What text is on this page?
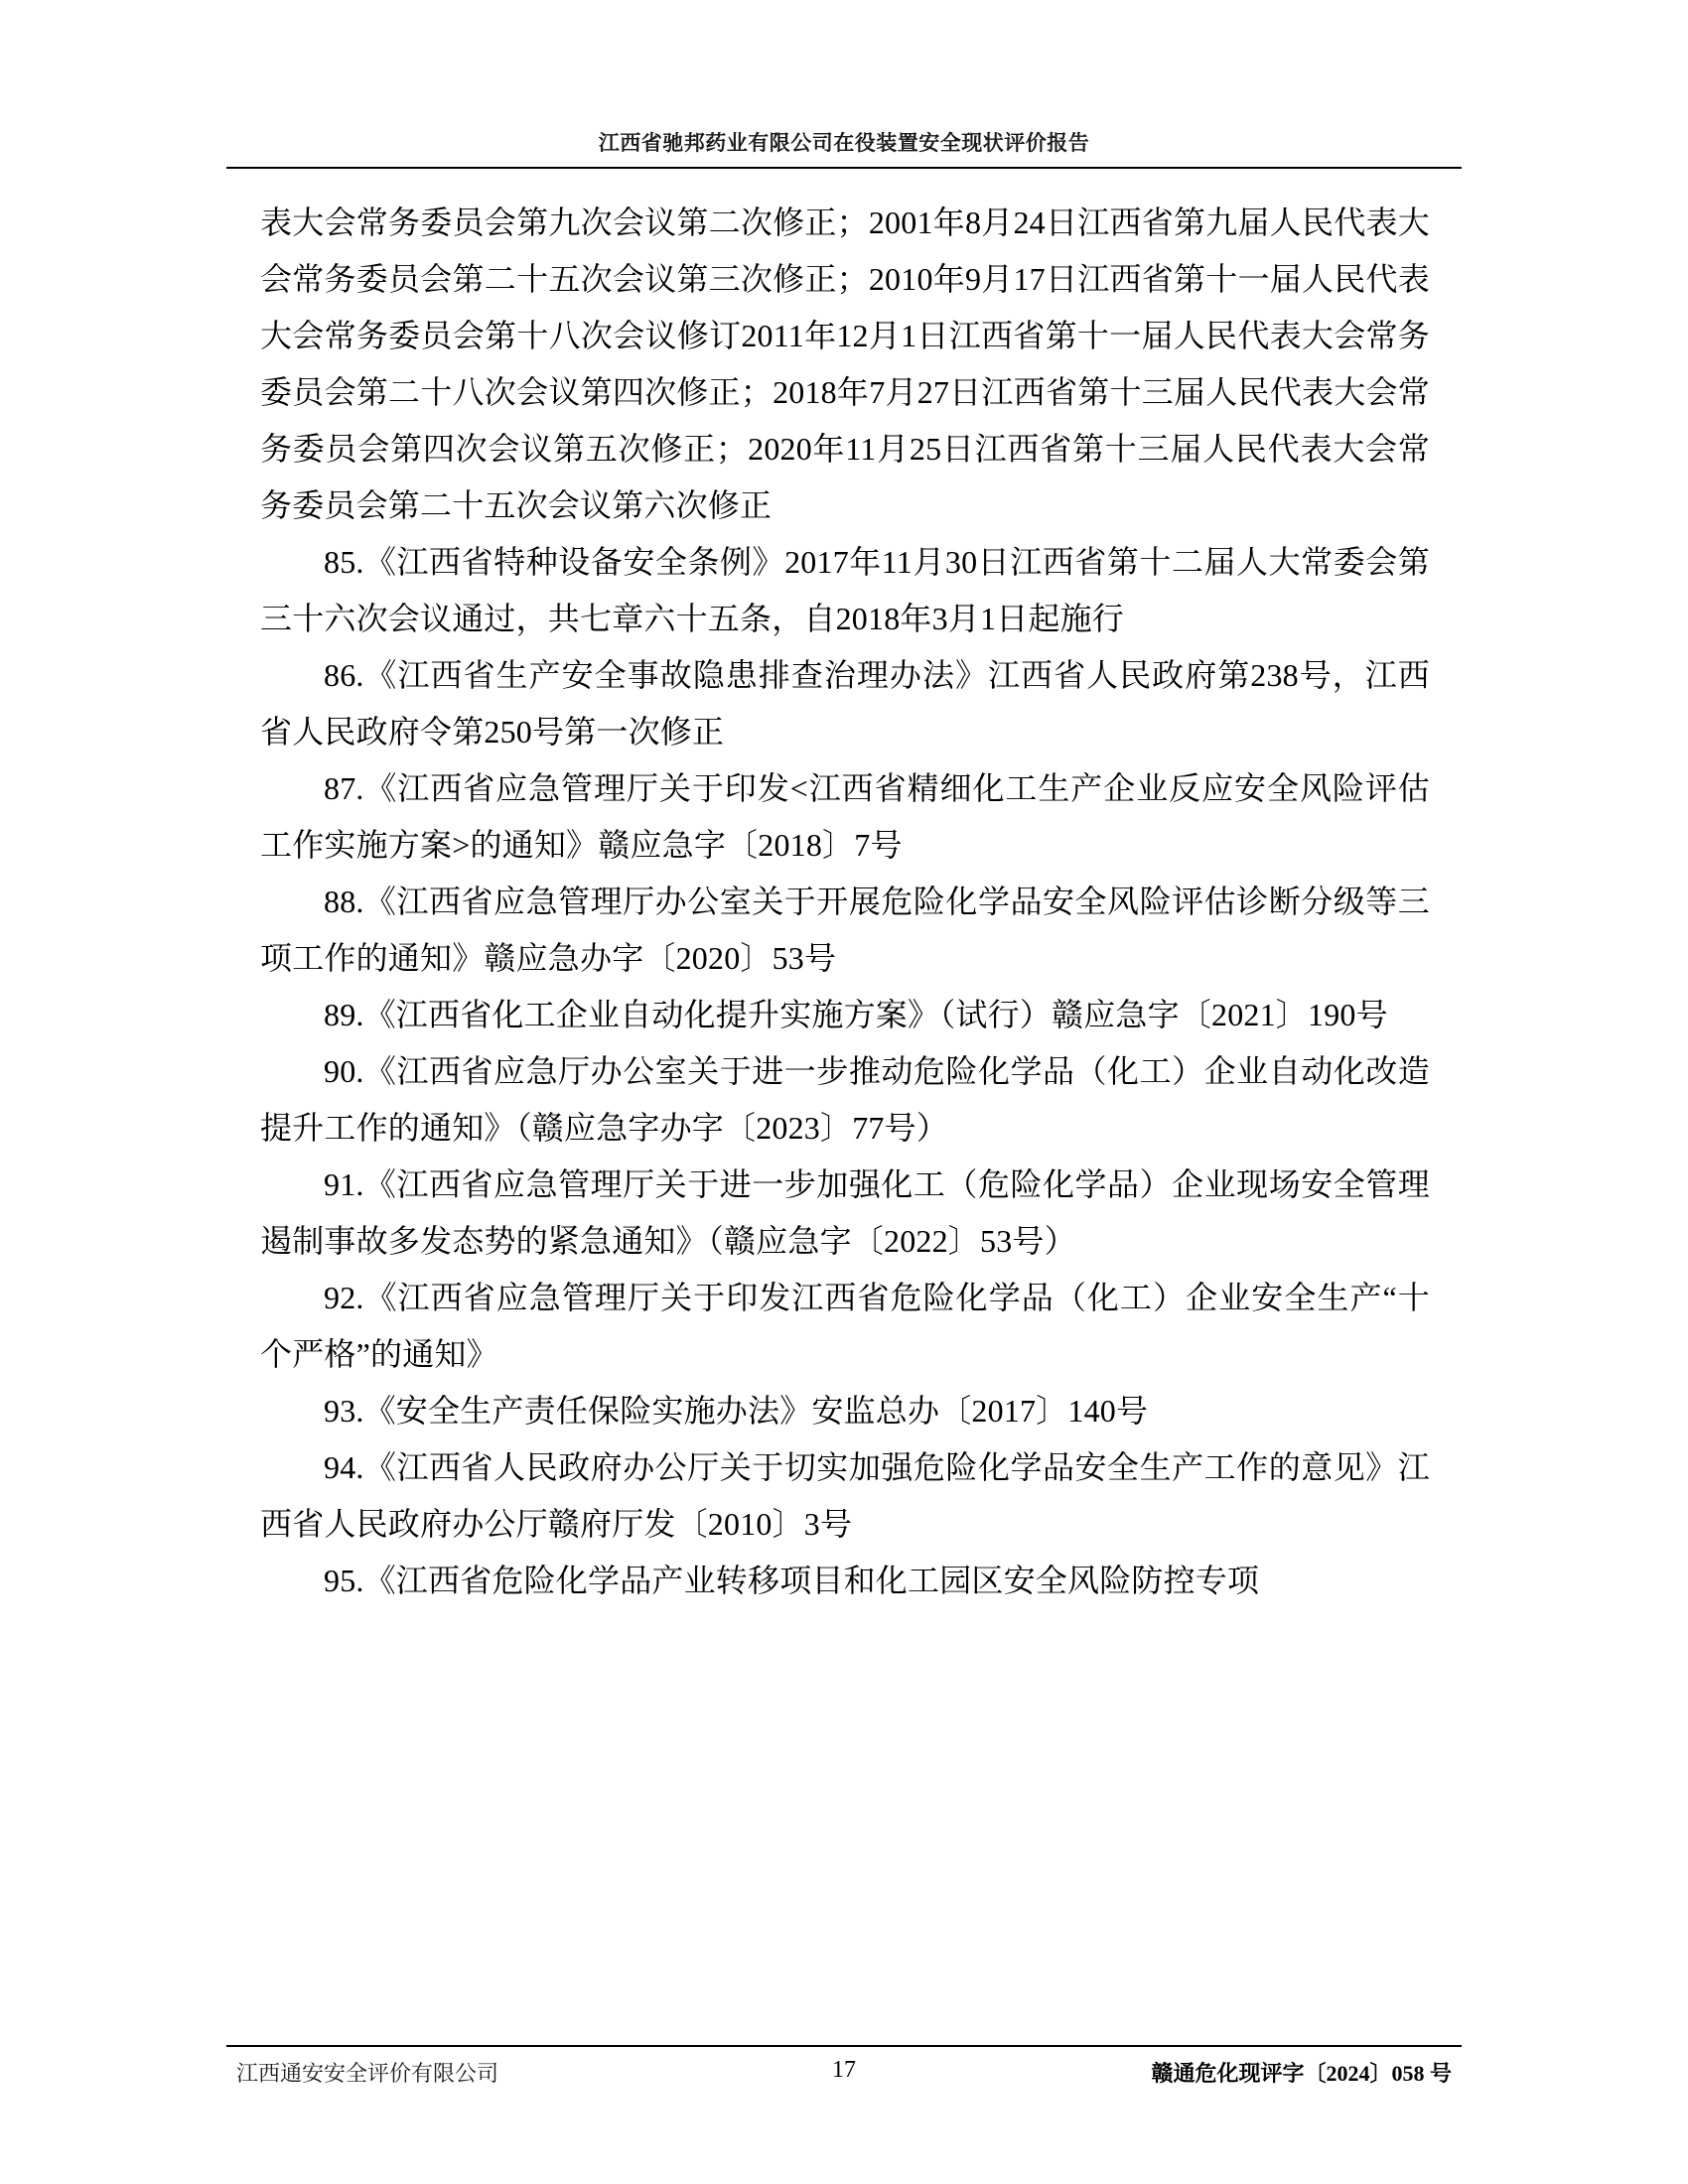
江西省驰邦药业有限公司在役装置安全现状评价报告

表大会常务委员会第九次会议第二次修正；2001年8月24日江西省第九届人民代表大会常务委员会第二十五次会议第三次修正；2010年9月17日江西省第十一届人民代表大会常务委员会第十八次会议修订2011年12月1日江西省第十一届人民代表大会常务委员会第二十八次会议第四次修正；2018年7月27日江西省第十三届人民代表大会常务委员会第四次会议第五次修正；2020年11月25日江西省第十三届人民代表大会常务委员会第二十五次会议第六次修正

85.《江西省特种设备安全条例》2017年11月30日江西省第十二届人大常委会第三十六次会议通过，共七章六十五条，自2018年3月1日起施行

86.《江西省生产安全事故隐患排查治理办法》江西省人民政府第238号，江西省人民政府令第250号第一次修正

87.《江西省应急管理厅关于印发<江西省精细化工生产企业反应安全风险评估工作实施方案>的通知》赣应急字〔2018〕7号

88.《江西省应急管理厅办公室关于开展危险化学品安全风险评估诊断分级等三项工作的通知》赣应急办字〔2020〕53号

89.《江西省化工企业自动化提升实施方案》（试行）赣应急字〔2021〕190号

90.《江西省应急厅办公室关于进一步推动危险化学品（化工）企业自动化改造提升工作的通知》（赣应急字办字〔2023〕77号）

91.《江西省应急管理厅关于进一步加强化工（危险化学品）企业现场安全管理遏制事故多发态势的紧急通知》（赣应急字〔2022〕53号）

92.《江西省应急管理厅关于印发江西省危险化学品（化工）企业安全生产“十个严格”的通知》

93.《安全生产责任保险实施办法》安监总办〔2017〕140号

94.《江西省人民政府办公厅关于切实加强危险化学品安全生产工作的意见》江西省人民政府办公厅赣府厅发〔2010〕3号

95.《江西省危险化学品产业转移项目和化工园区安全风险防控专项

江西通安安全评价有限公司	17	赣通危化现评字〔2024〕058 号
